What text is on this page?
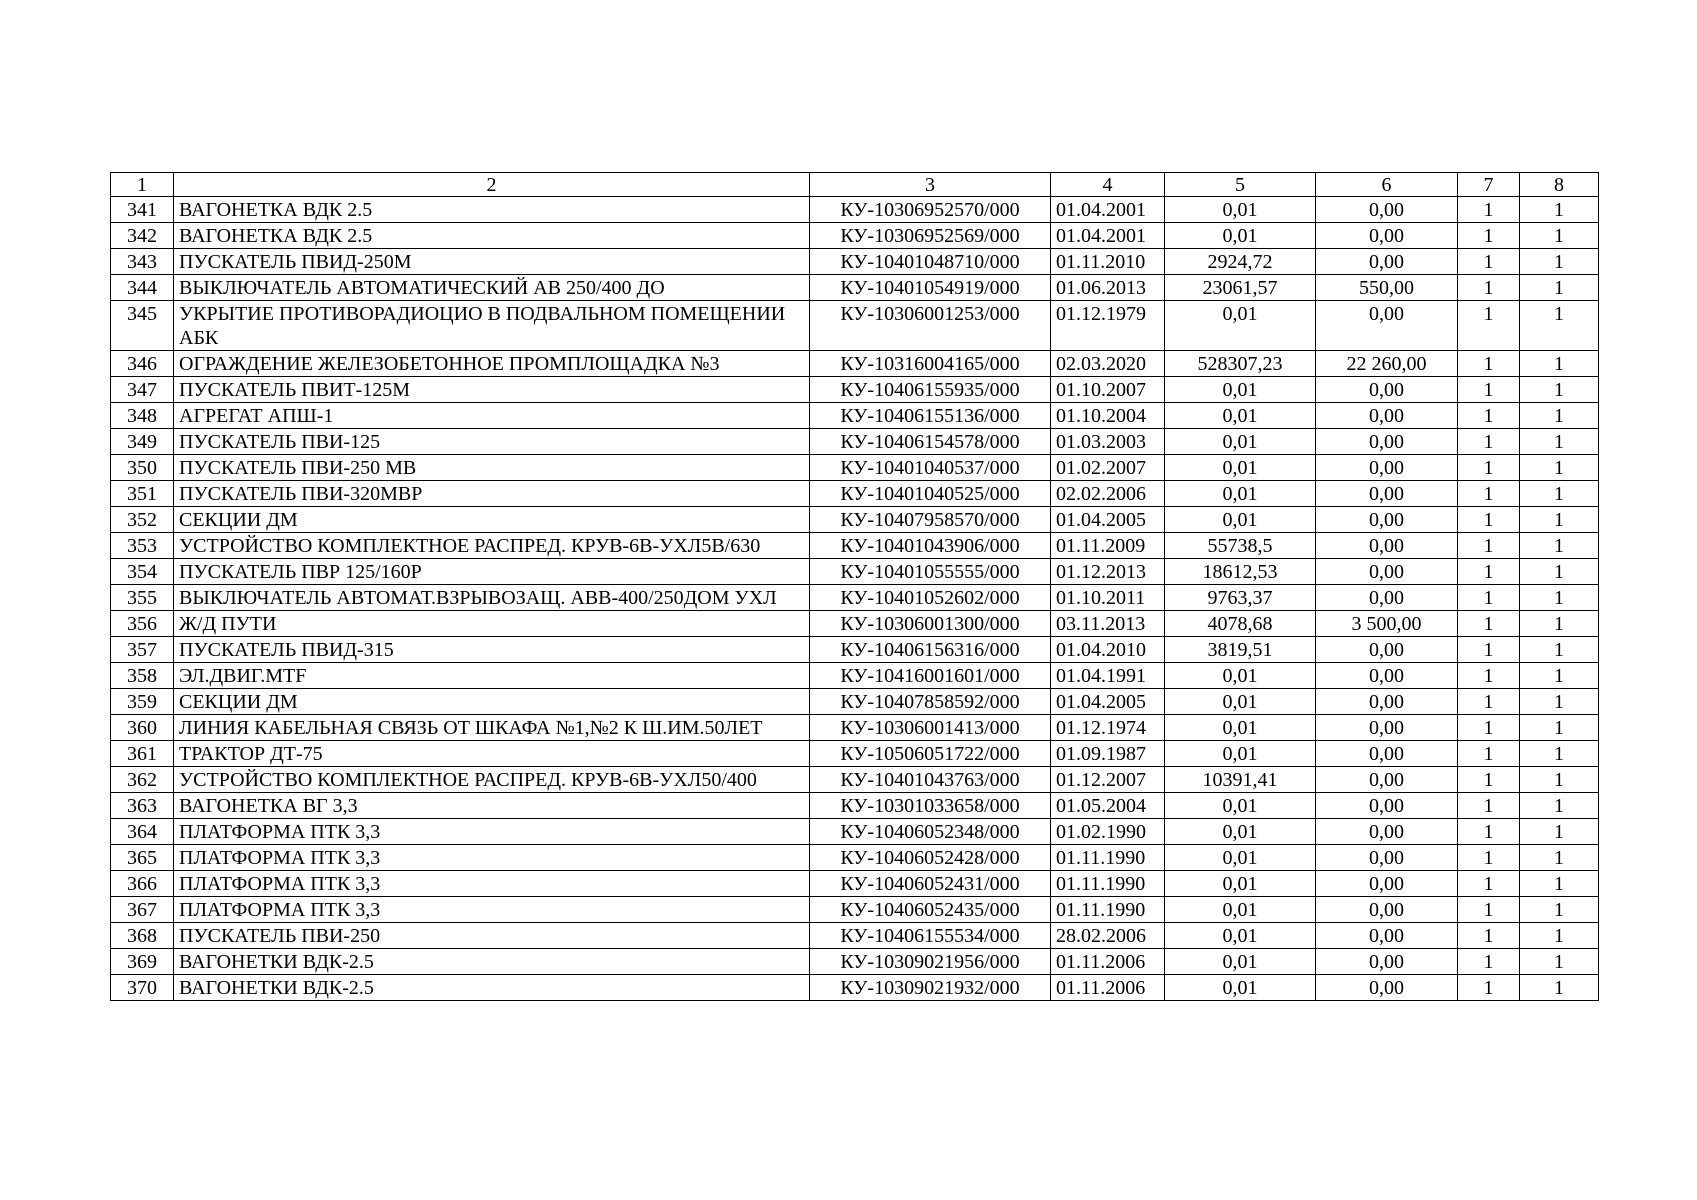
1	2	3	4	5	6	7	8
341	ВАГОНЕТКА ВДК 2.5	КУ-10306952570/000	01.04.2001	0,01	0,00	1	1
342	ВАГОНЕТКА ВДК 2.5	КУ-10306952569/000	01.04.2001	0,01	0,00	1	1
343	ПУСКАТЕЛЬ ПВИД-250М	КУ-10401048710/000	01.11.2010	2924,72	0,00	1	1
344	ВЫКЛЮЧАТЕЛЬ АВТОМАТИЧЕСКИЙ АВ 250/400 ДО	КУ-10401054919/000	01.06.2013	23061,57	550,00	1	1
345	УКРЫТИЕ ПРОТИВОРАДИОЦИО В ПОДВАЛЬНОМ ПОМЕЩЕНИИ АБК	КУ-10306001253/000	01.12.1979	0,01	0,00	1	1
346	ОГРАЖДЕНИЕ ЖЕЛЕЗОБЕТОННОЕ ПРОМПЛОЩАДКА №3	КУ-10316004165/000	02.03.2020	528307,23	22 260,00	1	1
347	ПУСКАТЕЛЬ ПВИТ-125М	КУ-10406155935/000	01.10.2007	0,01	0,00	1	1
348	АГРЕГАТ АПШ-1	КУ-10406155136/000	01.10.2004	0,01	0,00	1	1
349	ПУСКАТЕЛЬ ПВИ-125	КУ-10406154578/000	01.03.2003	0,01	0,00	1	1
350	ПУСКАТЕЛЬ ПВИ-250 МВ	КУ-10401040537/000	01.02.2007	0,01	0,00	1	1
351	ПУСКАТЕЛЬ ПВИ-320МВР	КУ-10401040525/000	02.02.2006	0,01	0,00	1	1
352	СЕКЦИИ ДМ	КУ-10407958570/000	01.04.2005	0,01	0,00	1	1
353	УСТРОЙСТВО КОМПЛЕКТНОЕ РАСПРЕД. КРУВ-6В-УХЛ5В/630	КУ-10401043906/000	01.11.2009	55738,5	0,00	1	1
354	ПУСКАТЕЛЬ ПВР 125/160Р	КУ-10401055555/000	01.12.2013	18612,53	0,00	1	1
355	ВЫКЛЮЧАТЕЛЬ АВТОМАТ.ВЗРЫВОЗАЩ. АВВ-400/250ДОМ УХЛ	КУ-10401052602/000	01.10.2011	9763,37	0,00	1	1
356	Ж/Д ПУТИ	КУ-10306001300/000	03.11.2013	4078,68	3 500,00	1	1
357	ПУСКАТЕЛЬ ПВИД-315	КУ-10406156316/000	01.04.2010	3819,51	0,00	1	1
358	ЭЛ.ДВИГ.MTF	КУ-10416001601/000	01.04.1991	0,01	0,00	1	1
359	СЕКЦИИ ДМ	КУ-10407858592/000	01.04.2005	0,01	0,00	1	1
360	ЛИНИЯ КАБЕЛЬНАЯ СВЯЗЬ ОТ ШКАФА №1,№2 К Ш.ИМ.50ЛЕТ	КУ-10306001413/000	01.12.1974	0,01	0,00	1	1
361	ТРАКТОР ДТ-75	КУ-10506051722/000	01.09.1987	0,01	0,00	1	1
362	УСТРОЙСТВО КОМПЛЕКТНОЕ РАСПРЕД. КРУВ-6В-УХЛ50/400	КУ-10401043763/000	01.12.2007	10391,41	0,00	1	1
363	ВАГОНЕТКА ВГ 3,3	КУ-10301033658/000	01.05.2004	0,01	0,00	1	1
364	ПЛАТФОРМА ПТК 3,3	КУ-10406052348/000	01.02.1990	0,01	0,00	1	1
365	ПЛАТФОРМА ПТК 3,3	КУ-10406052428/000	01.11.1990	0,01	0,00	1	1
366	ПЛАТФОРМА ПТК 3,3	КУ-10406052431/000	01.11.1990	0,01	0,00	1	1
367	ПЛАТФОРМА ПТК 3,3	КУ-10406052435/000	01.11.1990	0,01	0,00	1	1
368	ПУСКАТЕЛЬ ПВИ-250	КУ-10406155534/000	28.02.2006	0,01	0,00	1	1
369	ВАГОНЕТКИ ВДК-2.5	КУ-10309021956/000	01.11.2006	0,01	0,00	1	1
370	ВАГОНЕТКИ ВДК-2.5	КУ-10309021932/000	01.11.2006	0,01	0,00	1	1
